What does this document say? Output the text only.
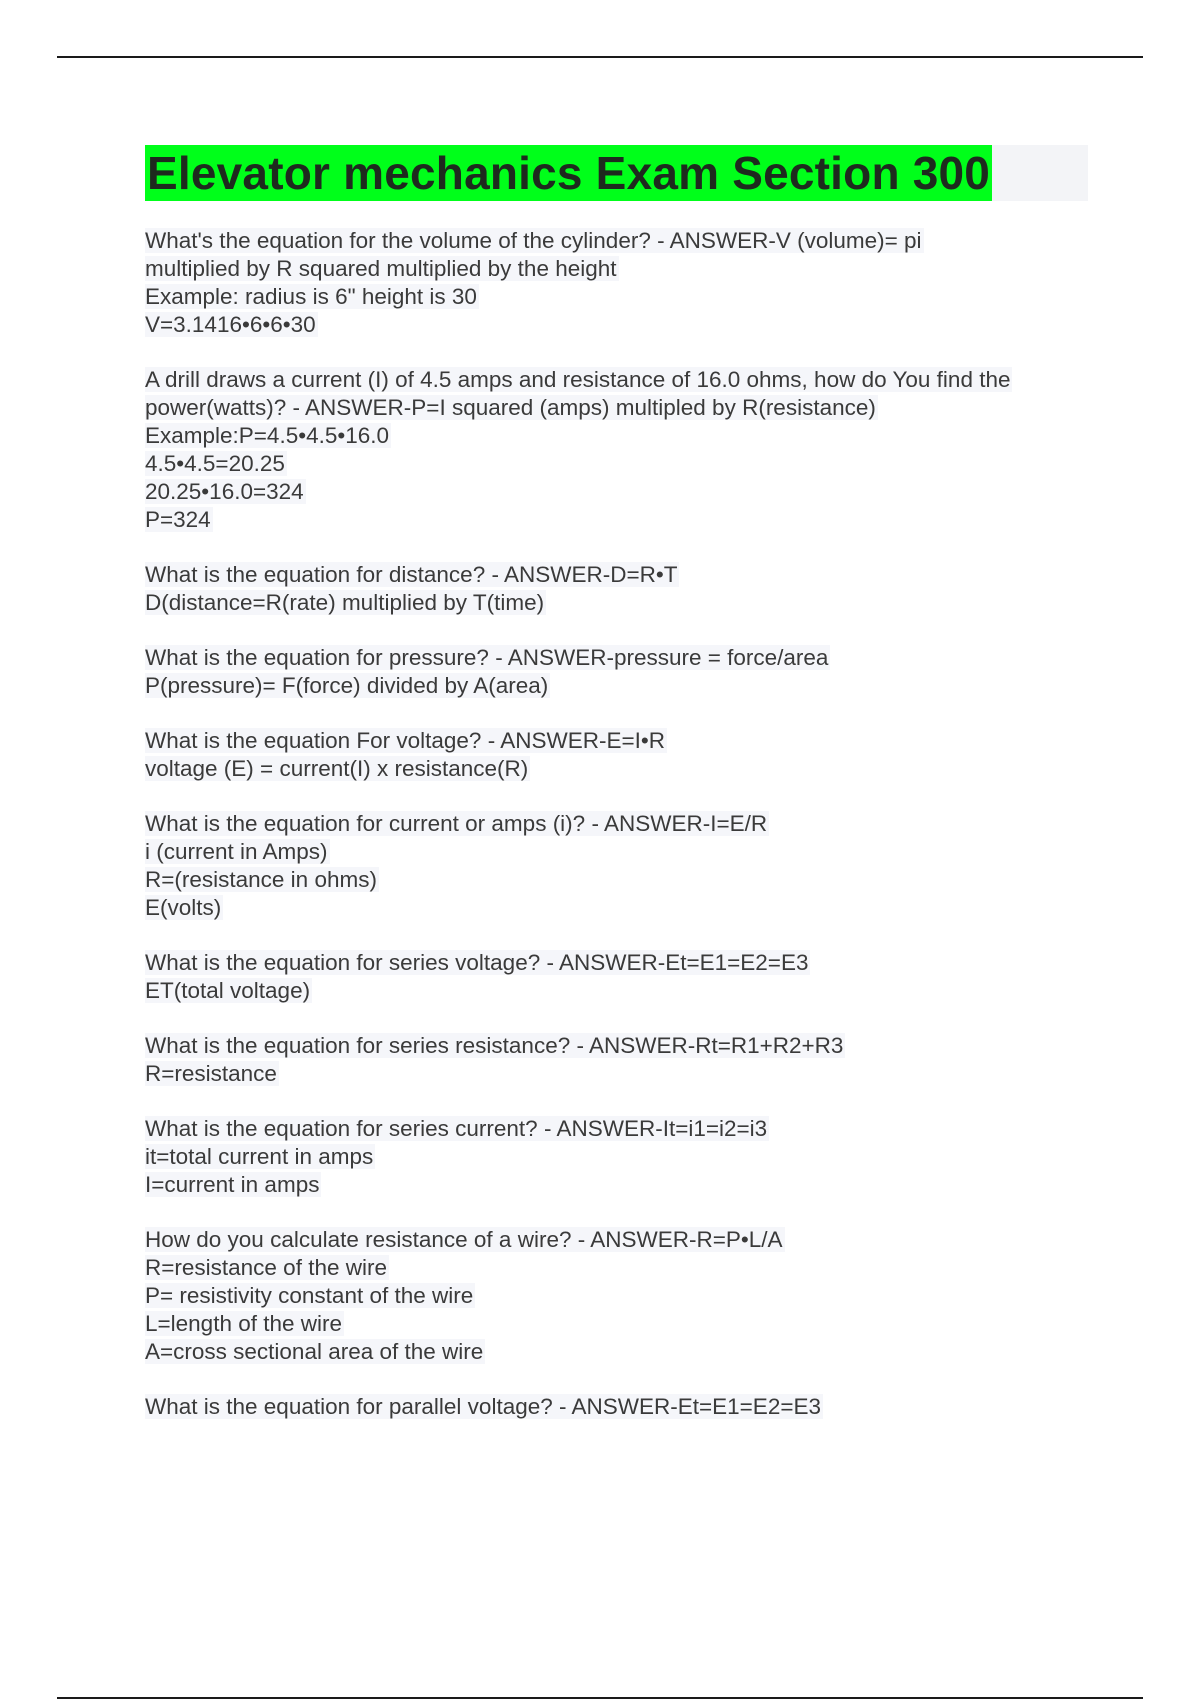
Elevator mechanics Exam Section 300
What's the equation for the volume of the cylinder? - ANSWER-V (volume)= pi
multiplied by R squared multiplied by the height
Example: radius is 6" height is 30
V=3.1416•6•6•30
A drill draws a current (I) of 4.5 amps and resistance of 16.0 ohms, how do You find the
power(watts)? - ANSWER-P=I squared (amps) multipled by R(resistance)
Example:P=4.5•4.5•16.0
4.5•4.5=20.25
20.25•16.0=324
P=324
What is the equation for distance? - ANSWER-D=R•T
D(distance=R(rate) multiplied by T(time)
What is the equation for pressure? - ANSWER-pressure = force/area
P(pressure)= F(force) divided by A(area)
What is the equation For voltage? - ANSWER-E=I•R
voltage (E) = current(I) x resistance(R)
What is the equation for current or amps (i)? - ANSWER-I=E/R
i (current in Amps)
R=(resistance in ohms)
E(volts)
What is the equation for series voltage? - ANSWER-Et=E1=E2=E3
ET(total voltage)
What is the equation for series resistance? - ANSWER-Rt=R1+R2+R3
R=resistance
What is the equation for series current? - ANSWER-It=i1=i2=i3
it=total current in amps
I=current in amps
How do you calculate resistance of a wire? - ANSWER-R=P•L/A
R=resistance of the wire
P= resistivity constant of the wire
L=length of the wire
A=cross sectional area of the wire
What is the equation for parallel voltage? - ANSWER-Et=E1=E2=E3
